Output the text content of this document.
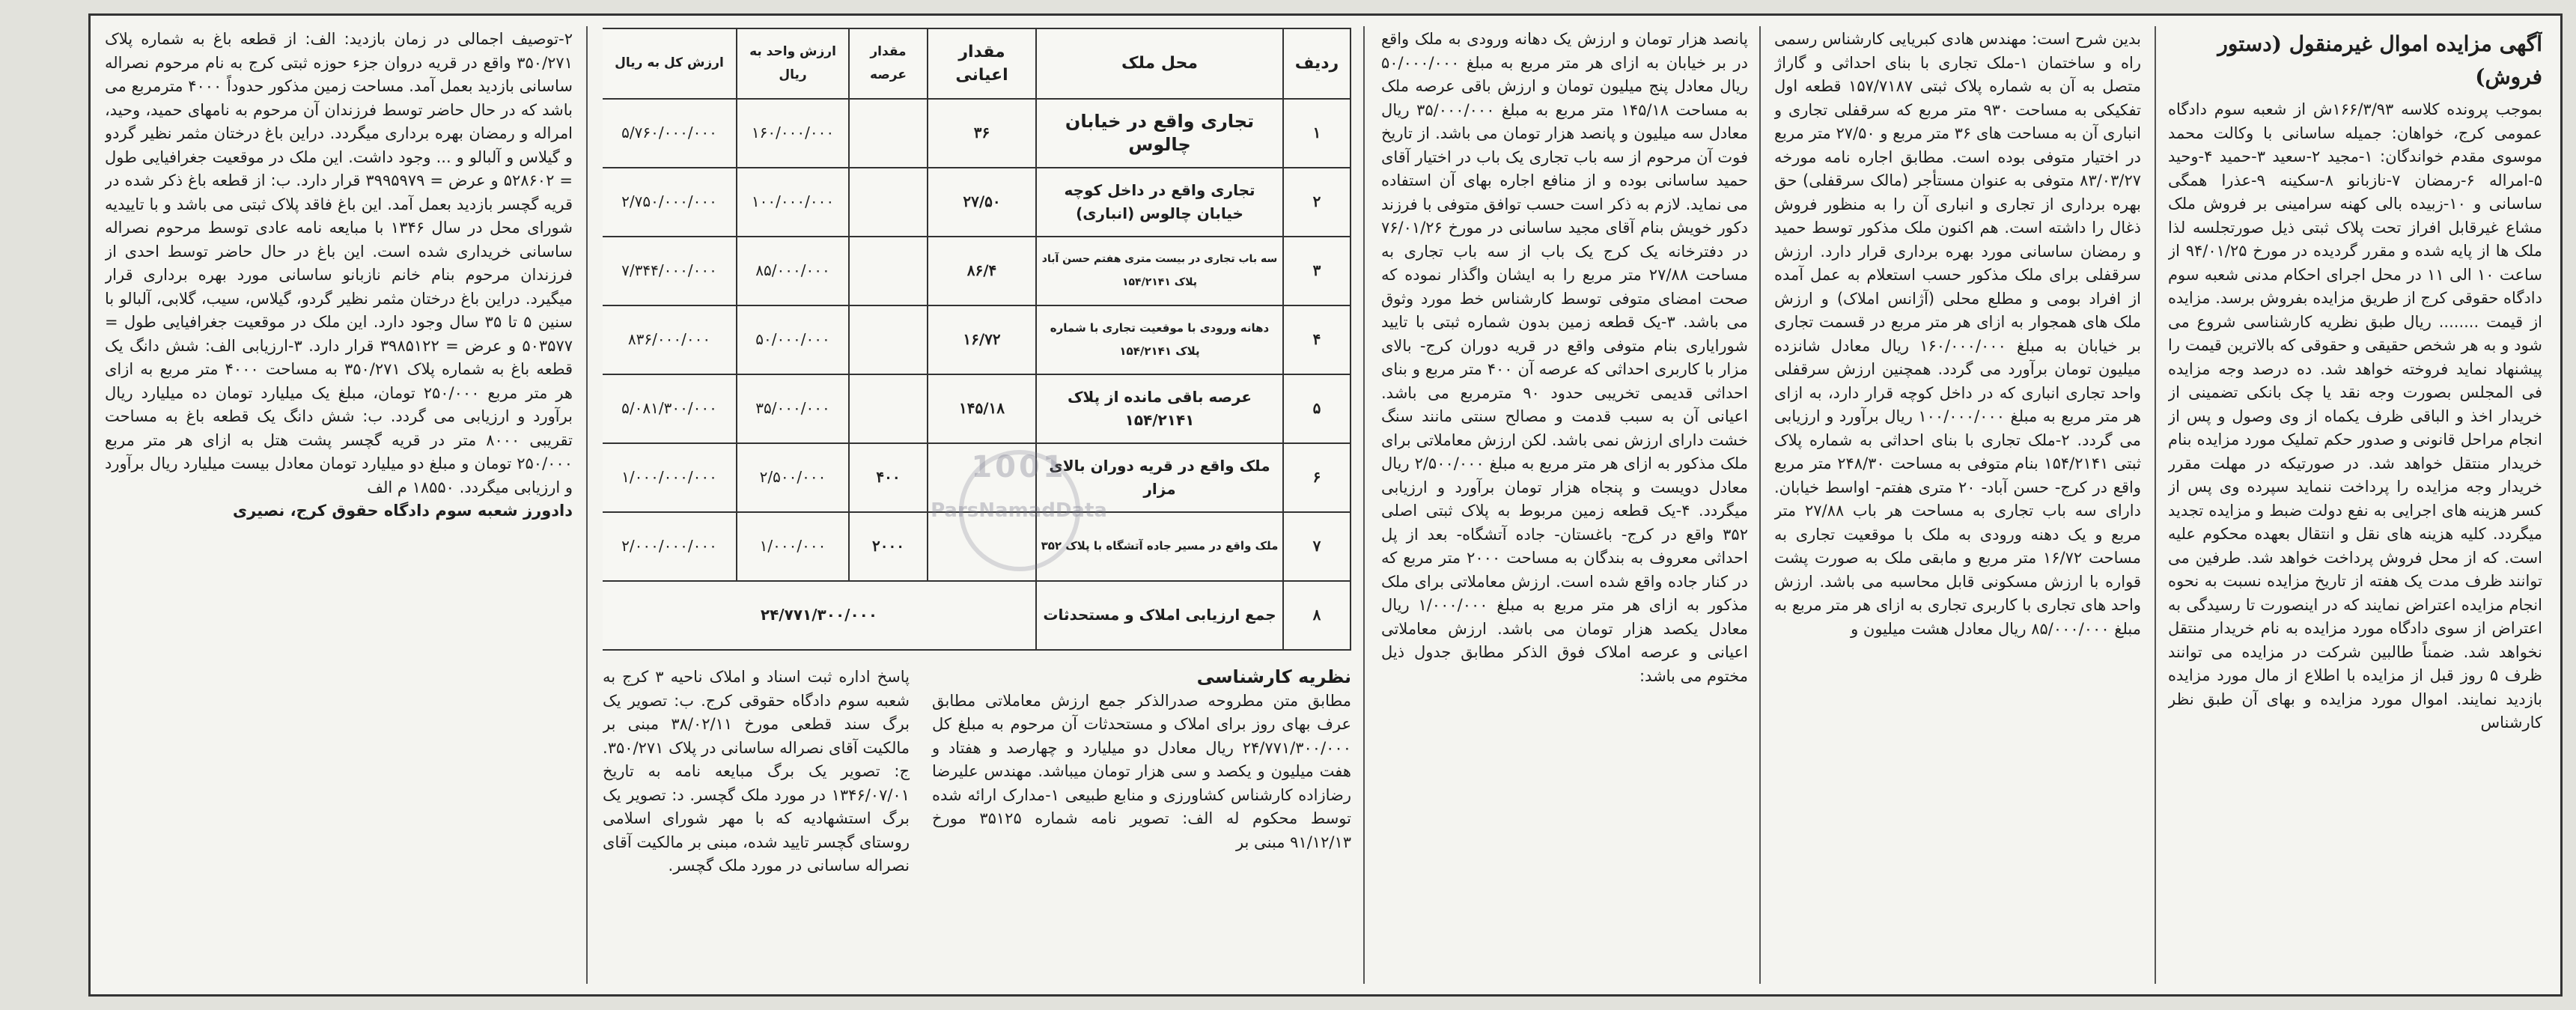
آگهی مزایده اموال غیرمنقول (دستور فروش)

بموجب پرونده کلاسه ۱۶۶/۳/۹۳ش از شعبه سوم دادگاه عمومی کرج، خواهان: جمیله ساسانی با وکالت محمد موسوی مقدم خواندگان: ۱-مجید ۲-سعید ۳-حمید ۴-وحید ۵-امراله ۶-رمضان ۷-نازبانو ۸-سکینه ۹-عذرا همگی ساسانی و ۱۰-زبیده بالی کهنه سرامینی بر فروش ملک مشاع غیرقابل افراز تحت پلاک ثبتی ذیل صورتجلسه لذا ملک ها از پایه شده و مقرر گردیده در مورخ ۹۴/۰۱/۲۵ از ساعت ۱۰ الی ۱۱ در محل اجرای احکام مدنی شعبه سوم دادگاه حقوقی کرج از طریق مزایده بفروش برسد. مزایده از قیمت ........ ریال طبق نظریه کارشناسی شروع می شود و به هر شخص حقیقی و حقوقی که بالاترین قیمت را پیشنهاد نماید فروخته خواهد شد. ده درصد وجه مزایده فی المجلس بصورت وجه نقد یا چک بانکی تضمینی از خریدار اخذ و الباقی ظرف یکماه از وی وصول و پس از انجام مراحل قانونی و صدور حکم تملیک مورد مزایده بنام خریدار منتقل خواهد شد. در صورتیکه در مهلت مقرر خریدار وجه مزایده را پرداخت ننماید سپرده وی پس از کسر هزینه های اجرایی به نفع دولت ضبط و مزایده تجدید میگردد. کلیه هزینه های نقل و انتقال بعهده محکوم علیه است. که از محل فروش پرداخت خواهد شد. طرفین می توانند ظرف مدت یک هفته از تاریخ مزایده نسبت به نحوه انجام مزایده اعتراض نمایند که در اینصورت تا رسیدگی به اعتراض از سوی دادگاه مورد مزایده به نام خریدار منتقل نخواهد شد. ضمناً طالبین شرکت در مزایده می توانند ظرف ۵ روز قبل از مزایده با اطلاع از مال مورد مزایده بازدید نمایند. اموال مورد مزایده و بهای آن طبق نظر کارشناس

بدین شرح است: مهندس هادی کبریایی کارشناس رسمی راه و ساختمان ۱-ملک تجاری با بنای احداثی و گاراژ متصل به آن به شماره پلاک ثبتی ۱۵۷/۷۱۸۷ قطعه اول تفکیکی به مساحت ۹۳۰ متر مربع که سرقفلی تجاری و انباری آن به مساحت های ۳۶ متر مربع و ۲۷/۵۰ متر مربع در اختیار متوفی بوده است. مطابق اجاره نامه مورخه ۸۳/۰۳/۲۷ متوفی به عنوان مستأجر (مالک سرقفلی) حق بهره برداری از تجاری و انباری آن را به منظور فروش ذغال را داشته است. هم اکنون ملک مذکور توسط حمید و رمضان ساسانی مورد بهره برداری قرار دارد. ارزش سرقفلی برای ملک مذکور حسب استعلام به عمل آمده از افراد بومی و مطلع محلی (آژانس املاک) و ارزش ملک های همجوار به ازای هر متر مربع در قسمت تجاری بر خیابان به مبلغ ۱۶۰/۰۰۰/۰۰۰ ریال معادل شانزده میلیون تومان برآورد می گردد. همچنین ارزش سرقفلی واحد تجاری انباری که در داخل کوچه قرار دارد، به ازای هر متر مربع به مبلغ ۱۰۰/۰۰۰/۰۰۰ ریال برآورد و ارزیابی می گردد. ۲-ملک تجاری با بنای احداثی به شماره پلاک ثبتی ۱۵۴/۲۱۴۱ بنام متوفی به مساحت ۲۴۸/۳۰ متر مربع واقع در کرج- حسن آباد- ۲۰ متری هفتم- اواسط خیابان. دارای سه باب تجاری به مساحت هر باب ۲۷/۸۸ متر مربع و یک دهنه ورودی به ملک با موقعیت تجاری به مساحت ۱۶/۷۲ متر مربع و مابقی ملک به صورت پشت قواره با ارزش مسکونی قابل محاسبه می باشد. ارزش واحد های تجاری با کاربری تجاری به ازای هر متر مربع به مبلغ ۸۵/۰۰۰/۰۰۰ ریال معادل هشت میلیون و

پانصد هزار تومان و ارزش یک دهانه ورودی به ملک واقع در بر خیابان به ازای هر متر مربع به مبلغ ۵۰/۰۰۰/۰۰۰ ریال معادل پنج میلیون تومان و ارزش باقی عرصه ملک به مساحت ۱۴۵/۱۸ متر مربع به مبلغ ۳۵/۰۰۰/۰۰۰ ریال معادل سه میلیون و پانصد هزار تومان می باشد. از تاریخ فوت آن مرحوم از سه باب تجاری یک باب در اختیار آقای حمید ساسانی بوده و از منافع اجاره بهای آن استفاده می نماید. لازم به ذکر است حسب توافق متوفی با فرزند دکور خویش بنام آقای مجید ساسانی در مورخ ۷۶/۰۱/۲۶ در دفترخانه یک کرج یک باب از سه باب تجاری به مساحت ۲۷/۸۸ متر مربع را به ایشان واگذار نموده که صحت امضای متوفی توسط کارشناس خط مورد وثوق می باشد. ۳-یک قطعه زمین بدون شماره ثبتی با تایید شورایاری بنام متوفی واقع در قریه دوران کرج- بالای مزار با کاربری احداثی که عرصه آن ۴۰۰ متر مربع و بنای احداثی قدیمی تخریبی حدود ۹۰ مترمربع می باشد. اعیانی آن به سبب قدمت و مصالح سنتی مانند سنگ خشت دارای ارزش نمی باشد. لکن ارزش معاملاتی برای ملک مذکور به ازای هر متر مربع به مبلغ ۲/۵۰۰/۰۰۰ ریال معادل دویست و پنجاه هزار تومان برآورد و ارزیابی میگردد. ۴-یک قطعه زمین مربوط به پلاک ثبتی اصلی ۳۵۲ واقع در کرج- باغستان- جاده آتشگاه- بعد از پل احداثی معروف به بندگان به مساحت ۲۰۰۰ متر مربع که در کنار جاده واقع شده است. ارزش معاملاتی برای ملک مذکور به ازای هر متر مربع به مبلغ ۱/۰۰۰/۰۰۰ ریال معادل یکصد هزار تومان می باشد. ارزش معاملاتی اعیانی و عرصه املاک فوق الذکر مطابق جدول ذیل مختوم می باشد:

ردیف	محل ملک	مقدار اعیانی	مقدار عرصه	ارزش واحد به ریال	ارزش کل به ریال
۱	تجاری واقع در خیابان چالوس	۳۶		۱۶۰/۰۰۰/۰۰۰	۵/۷۶۰/۰۰۰/۰۰۰
۲	تجاری واقع در داخل کوچه خیابان چالوس (انباری)	۲۷/۵۰		۱۰۰/۰۰۰/۰۰۰	۲/۷۵۰/۰۰۰/۰۰۰
۳	سه باب تجاری در بیست متری هفتم حسن آباد پلاک ۱۵۴/۲۱۴۱	۸۶/۴		۸۵/۰۰۰/۰۰۰	۷/۳۴۴/۰۰۰/۰۰۰
۴	دهانه ورودی با موقعیت تجاری با شماره پلاک ۱۵۴/۲۱۴۱	۱۶/۷۲		۵۰/۰۰۰/۰۰۰	۸۳۶/۰۰۰/۰۰۰
۵	عرصه باقی مانده از پلاک ۱۵۴/۲۱۴۱	۱۴۵/۱۸		۳۵/۰۰۰/۰۰۰	۵/۰۸۱/۳۰۰/۰۰۰
۶	ملک واقع در قریه دوران بالای مزار		۴۰۰	۲/۵۰۰/۰۰۰	۱/۰۰۰/۰۰۰/۰۰۰
۷	ملک واقع در مسیر جاده آتشگاه با پلاک ۳۵۲		۲۰۰۰	۱/۰۰۰/۰۰۰	۲/۰۰۰/۰۰۰/۰۰۰
۸	جمع ارزیابی املاک و مستحدثات	۲۴/۷۷۱/۳۰۰/۰۰۰			

نظریه کارشناسی

مطابق متن مطروحه صدرالذکر جمع ارزش معاملاتی مطابق عرف بهای روز برای املاک و مستحدثات آن مرحوم به مبلغ کل ۲۴/۷۷۱/۳۰۰/۰۰۰ ریال معادل دو میلیارد و چهارصد و هفتاد و هفت میلیون و یکصد و سی هزار تومان میباشد. مهندس علیرضا رضازاده کارشناس کشاورزی و منابع طبیعی ۱-مدارک ارائه شده توسط محکوم له الف: تصویر نامه شماره ۳۵۱۲۵ مورخ ۹۱/۱۲/۱۳ مبنی بر

پاسخ اداره ثبت اسناد و املاک ناحیه ۳ کرج به شعبه سوم دادگاه حقوقی کرج. ب: تصویر یک برگ سند قطعی مورخ ۳۸/۰۲/۱۱ مبنی بر مالکیت آقای نصراله ساسانی در پلاک ۳۵۰/۲۷۱. ج: تصویر یک برگ مبایعه نامه به تاریخ ۱۳۴۶/۰۷/۰۱ در مورد ملک گچسر. د: تصویر یک برگ استشهادیه که با مهر شورای اسلامی روستای گچسر تایید شده، مبنی بر مالکیت آقای نصراله ساسانی در مورد ملک گچسر.

۲-توصیف اجمالی در زمان بازدید: الف: از قطعه باغ به شماره پلاک ۳۵۰/۲۷۱ واقع در قریه دروان جزء حوزه ثبتی کرج به نام مرحوم نصراله ساسانی بازدید بعمل آمد. مساحت زمین مذکور حدوداً ۴۰۰۰ مترمربع می باشد که در حال حاضر توسط فرزندان آن مرحوم به نامهای حمید، وحید، امراله و رمضان بهره برداری میگردد. دراین باغ درختان مثمر نظیر گردو و گیلاس و آلبالو و ... وجود داشت. این ملک در موقعیت جغرافیایی طول = ۵۲۸۶۰۲ و عرض = ۳۹۹۵۹۷۹ قرار دارد. ب: از قطعه باغ ذکر شده در قریه گچسر بازدید بعمل آمد. این باغ فاقد پلاک ثبتی می باشد و با تاییدیه شورای محل در سال ۱۳۴۶ با مبایعه نامه عادی توسط مرحوم نصراله ساسانی خریداری شده است. این باغ در حال حاضر توسط احدی از فرزندان مرحوم بنام خانم نازبانو ساسانی مورد بهره برداری قرار میگیرد. دراین باغ درختان مثمر نظیر گردو، گیلاس، سیب، گلابی، آلبالو با سنین ۵ تا ۳۵ سال وجود دارد. این ملک در موقعیت جغرافیایی طول = ۵۰۳۵۷۷ و عرض = ۳۹۸۵۱۲۲ قرار دارد. ۳-ارزیابی الف: شش دانگ یک قطعه باغ به شماره پلاک ۳۵۰/۲۷۱ به مساحت ۴۰۰۰ متر مربع به ازای هر متر مربع ۲۵۰/۰۰۰ تومان، مبلغ یک میلیارد تومان ده میلیارد ریال برآورد و ارزیابی می گردد. ب: شش دانگ یک قطعه باغ به مساحت تقریبی ۸۰۰۰ متر در قریه گچسر پشت هتل به ازای هر متر مربع ۲۵۰/۰۰۰ تومان و مبلغ دو میلیارد تومان معادل بیست میلیارد ریال برآورد و ارزیابی میگردد. ۱۸۵۵۰ م الف

دادورز شعبه سوم دادگاه حقوق کرج، نصیری

1001
ParsNamadData
